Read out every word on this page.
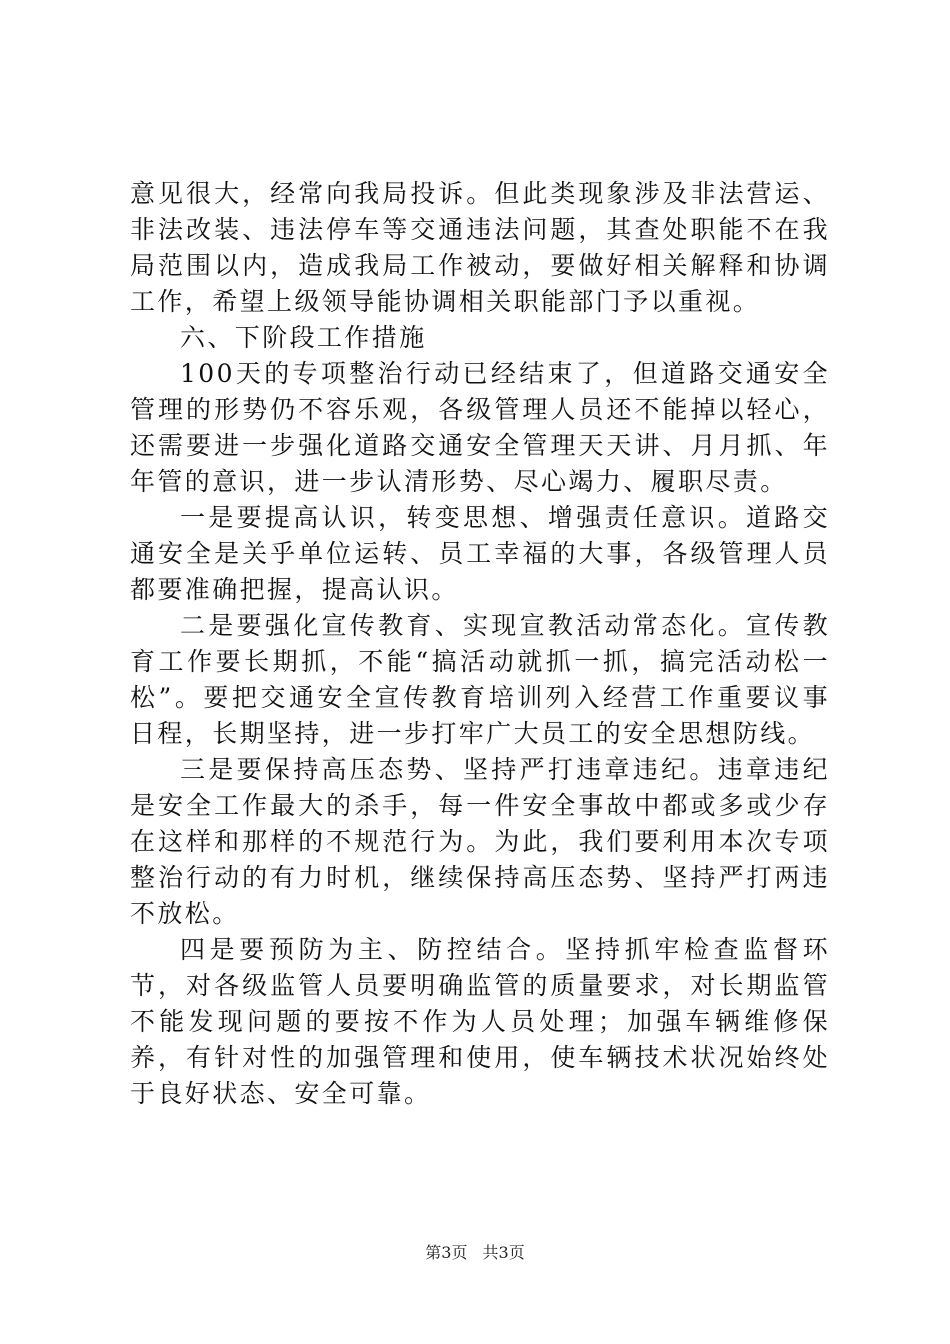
意见很大，经常向我局投诉。但此类现象涉及非法营运、非法改装、违法停车等交通违法问题，其查处职能不在我局范围以内，造成我局工作被动，要做好相关解释和协调工作，希望上级领导能协调相关职能部门予以重视。

六、下阶段工作措施

100天的专项整治行动已经结束了，但道路交通安全管理的形势仍不容乐观，各级管理人员还不能掉以轻心，还需要进一步强化道路交通安全管理天天讲、月月抓、年年管的意识，进一步认清形势、尽心竭力、履职尽责。

一是要提高认识，转变思想、增强责任意识。道路交通安全是关乎单位运转、员工幸福的大事，各级管理人员都要准确把握，提高认识。

二是要强化宣传教育、实现宣教活动常态化。宣传教育工作要长期抓，不能“搞活动就抓一抓，搞完活动松一松”。要把交通安全宣传教育培训列入经营工作重要议事日程，长期坚持，进一步打牢广大员工的安全思想防线。

三是要保持高压态势、坚持严打违章违纪。违章违纪是安全工作最大的杀手，每一件安全事故中都或多或少存在这样和那样的不规范行为。为此，我们要利用本次专项整治行动的有力时机，继续保持高压态势、坚持严打两违不放松。

四是要预防为主、防控结合。坚持抓牢检查监督环节，对各级监管人员要明确监管的质量要求，对长期监管不能发现问题的要按不作为人员处理；加强车辆维修保养，有针对性的加强管理和使用，使车辆技术状况始终处于良好状态、安全可靠。

第3页 共3页
